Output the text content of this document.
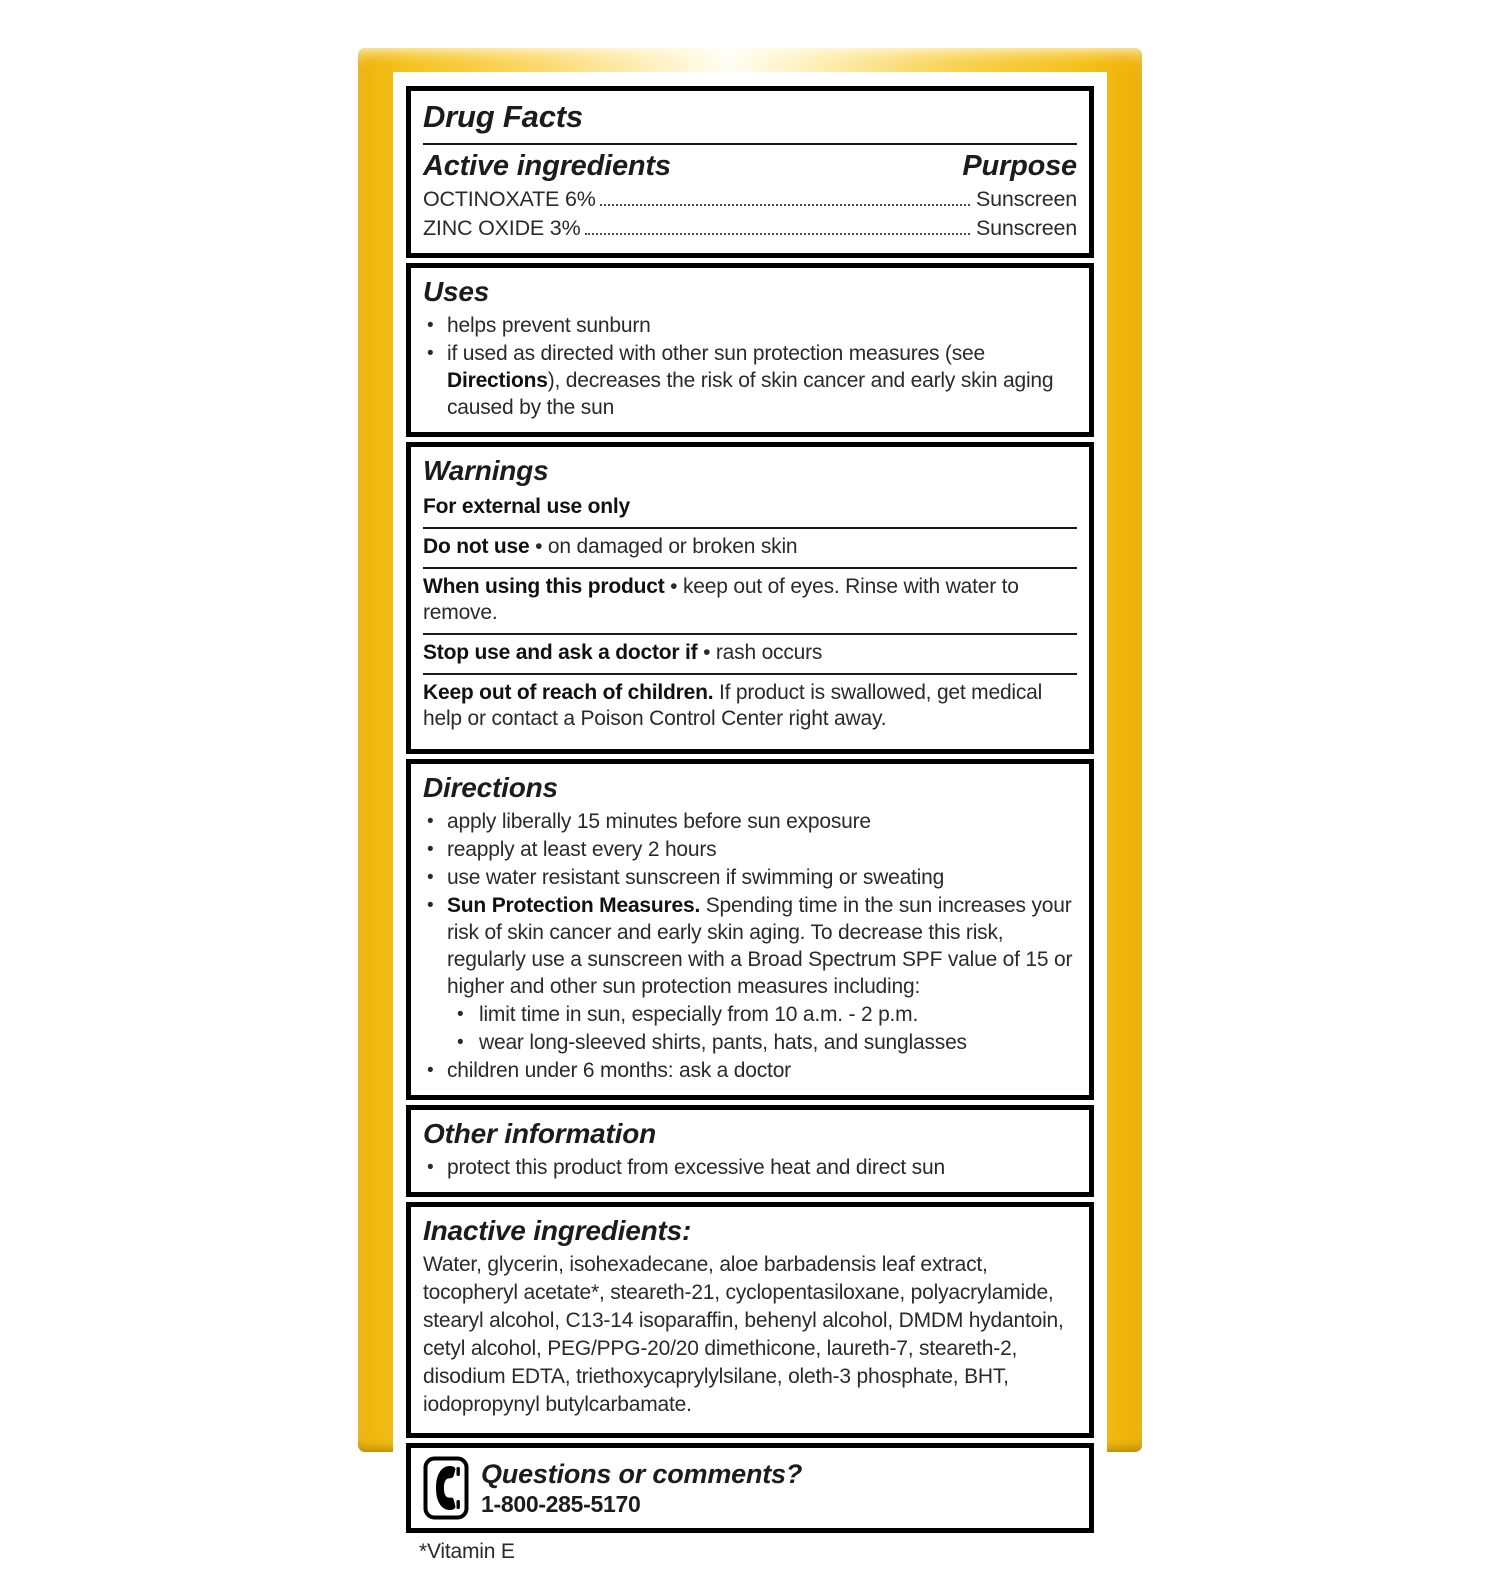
Drug Facts
Active ingredients	Purpose
OCTINOXATE 6%	Sunscreen
ZINC OXIDE 3%	Sunscreen
Uses
• helps prevent sunburn
• if used as directed with other sun protection measures (see Directions), decreases the risk of skin cancer and early skin aging caused by the sun
Warnings
For external use only
Do not use • on damaged or broken skin
When using this product • keep out of eyes. Rinse with water to remove.
Stop use and ask a doctor if • rash occurs
Keep out of reach of children. If product is swallowed, get medical help or contact a Poison Control Center right away.
Directions
• apply liberally 15 minutes before sun exposure
• reapply at least every 2 hours
• use water resistant sunscreen if swimming or sweating
• Sun Protection Measures. Spending time in the sun increases your risk of skin cancer and early skin aging. To decrease this risk, regularly use a sunscreen with a Broad Spectrum SPF value of 15 or higher and other sun protection measures including:
• limit time in sun, especially from 10 a.m. - 2 p.m.
• wear long-sleeved shirts, pants, hats, and sunglasses
• children under 6 months: ask a doctor
Other information
• protect this product from excessive heat and direct sun
Inactive ingredients:

Water, glycerin, isohexadecane, aloe barbadensis leaf extract, tocopheryl acetate*, steareth-21, cyclopentasiloxane, polyacrylamide, stearyl alcohol, C13-14 isoparaffin, behenyl alcohol, DMDM hydantoin, cetyl alcohol, PEG/PPG-20/20 dimethicone, laureth-7, steareth-2, disodium EDTA, triethoxycaprylylsilane, oleth-3 phosphate, BHT, iodopropynyl butylcarbamate.

Questions or comments?
1-800-285-5170
*Vitamin E
